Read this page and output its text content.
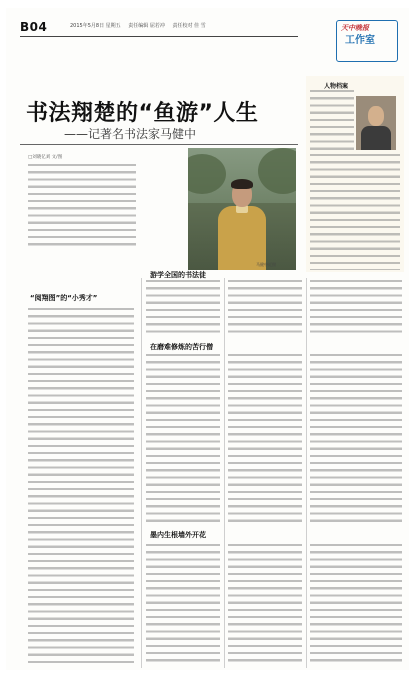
B04	2015年5月8日 星期五 责任编辑 屈若冲 责任校对 佳 雪	天中晚报
工作室
书法翔楚的“鱼游”人生
——记著名书法家马健中
□刘晓亿刘 文/图
马健中近照
人物档案
“阅翔图”的“小秀才”
游学全国的书法徒
在磨难修炼的苦行僧
墨内生根墙外开花
